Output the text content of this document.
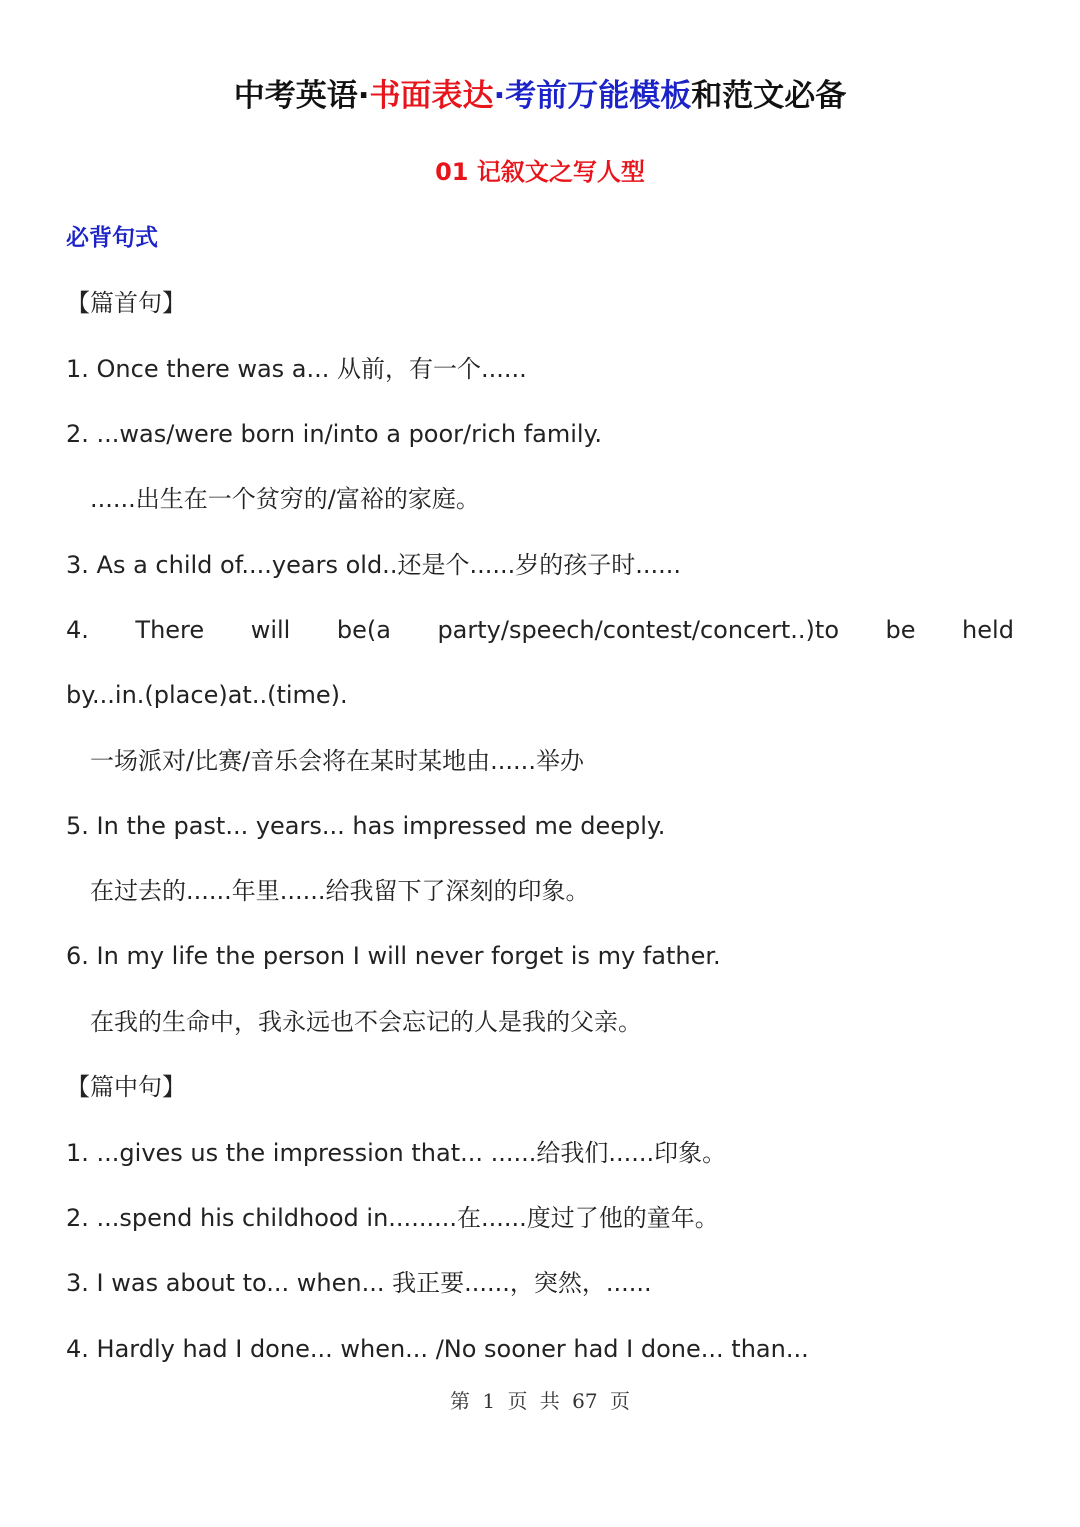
中考英语·书面表达·考前万能模板和范文必备
01 记叙文之写人型
必背句式
【篇首句】
1. Once there was a... 从前，有一个......
2. ...was/were born in/into a poor/rich family.
......出生在一个贫穷的/富裕的家庭。
3. As a child of....years old..还是个......岁的孩子时......
4. There will be(a party/speech/contest/concert..)to be held
by...in.(place)at..(time).
一场派对/比赛/音乐会将在某时某地由......举办
5. In the past... years... has impressed me deeply.
在过去的......年里......给我留下了深刻的印象。
6. In my life the person I will never forget is my father.
在我的生命中，我永远也不会忘记的人是我的父亲。
【篇中句】
1. ...gives us the impression that... ......给我们......印象。
2. ...spend his childhood in.........在......度过了他的童年。
3. I was about to... when... 我正要......，突然，......
4. Hardly had I done... when... /No sooner had I done... than...
第 1 页 共 67 页
